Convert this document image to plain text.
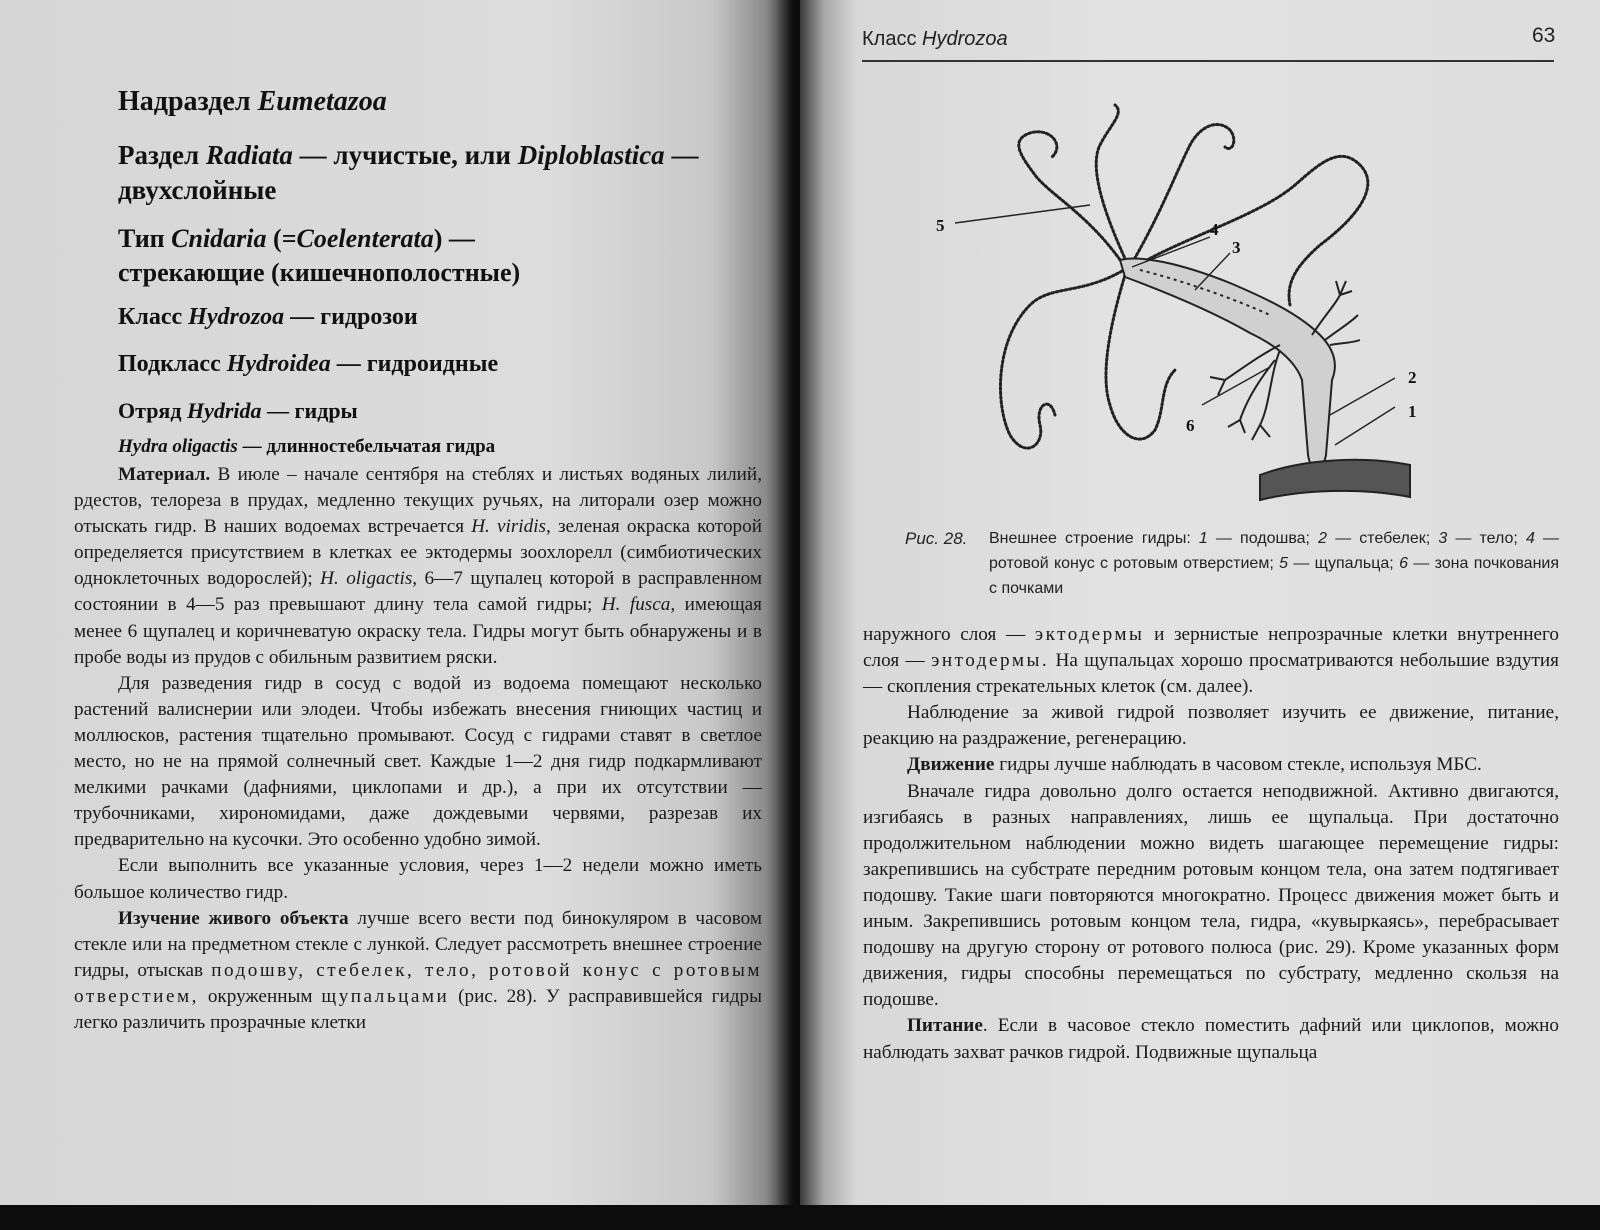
⠀
Надраздел Eumetazoa
Раздел Radiata — лучистые, или Diploblastica —
двухслойные
Тип Cnidaria (=Coelenterata) —
стрекающие (кишечнополостные)
Класс Hydrozoa — гидрозои
Подкласс Hydroidea — гидроидные
Отряд Hydrida — гидры
Hydra oligactis — длинностебельчатая гидра

Материал. В июле – начале сентября на стеблях и листьях водяных лилий, рдестов, телореза в прудах, медленно текущих ручьях, на литорали озер можно отыскать гидр. В наших водоемах встречается H. viridis, зеленая окраска которой определяется присутствием в клетках ее эктодермы зоохлорелл (симбиотических одноклеточных водорослей); H. oligactis, 6—7 щупалец которой в расправленном состоянии в 4—5 раз превышают длину тела самой гидры; H. fusca, имеющая менее 6 щупалец и коричневатую окраску тела. Гидры могут быть обнаружены и в пробе воды из прудов с обильным развитием ряски.

Для разведения гидр в сосуд с водой из водоема помещают несколько растений валиснерии или элодеи. Чтобы избежать внесения гниющих частиц и моллюсков, растения тщательно промывают. Сосуд с гидрами ставят в светлое место, но не на прямой солнечный свет. Каждые 1—2 дня гидр подкармливают мелкими рачками (дафниями, циклопами и др.), а при их отсутствии — трубочниками, хирономидами, даже дождевыми червями, разрезав их предварительно на кусочки. Это особенно удобно зимой.

Если выполнить все указанные условия, через 1—2 недели можно иметь большое количество гидр.

Изучение живого объекта лучше всего вести под бинокуляром в часовом стекле или на предметном стекле с лункой. Следует рассмотреть внешнее строение гидры, отыскав подошву, стебелек, тело, ротовой конус с ротовым отверстием, окруженным щупальцами (рис. 28). У расправившейся гидры легко различить прозрачные клетки

Класс Hydrozoa	63
1
2
3
4
5
6
Рис. 28. Внешнее строение гидры: 1 — подошва; 2 — стебелек; 3 — тело; 4 — ротовой конус с ротовым отверстием; 5 — щупальца; 6 — зона почкования с почками

наружного слоя — эктодермы и зернистые непрозрачные клетки внутреннего слоя — энтодермы. На щупальцах хорошо просматриваются небольшие вздутия — скопления стрекательных клеток (см. далее).

Наблюдение за живой гидрой позволяет изучить ее движение, питание, реакцию на раздражение, регенерацию.

Движение гидры лучше наблюдать в часовом стекле, используя МБС.

Вначале гидра довольно долго остается неподвижной. Активно двигаются, изгибаясь в разных направлениях, лишь ее щупальца. При достаточно продолжительном наблюдении можно видеть шагающее перемещение гидры: закрепившись на субстрате передним ротовым концом тела, она затем подтягивает подошву. Такие шаги повторяются многократно. Процесс движения может быть и иным. Закрепившись ротовым концом тела, гидра, «кувыркаясь», перебрасывает подошву на другую сторону от ротового полюса (рис. 29). Кроме указанных форм движения, гидры способны перемещаться по субстрату, медленно скользя на подошве.

Питание. Если в часовое стекло поместить дафний или циклопов, можно наблюдать захват рачков гидрой. Подвижные щупальца
